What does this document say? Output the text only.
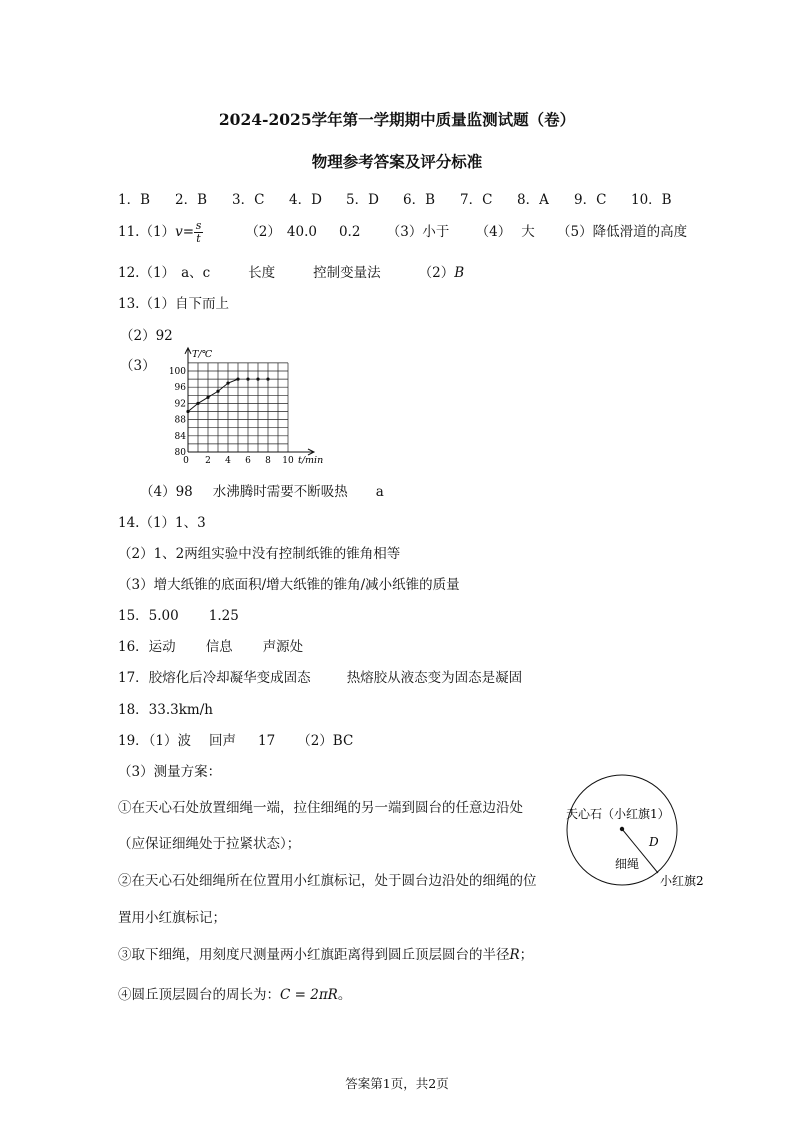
2024-2025学年第一学期期中质量监测试题（卷）
物理参考答案及评分标准
1．B 2．B 3．C 4．D 5．D 6．B 7．C 8．A 9．C 10．B
$11.(1)v= \frac{s}{t}$	（2） 40.0 0.2 （3）小于 （4） 大 （5）降低滑道的高度
12.（1） a、c	长度	控制变量法	（2）B
13.（1）自下而上
（2）92
（3）
80
84
88
92
96
100
0 2 4 6 8 10
T/℃
t/min
（4）98 水沸腾时需要不断吸热 a
14.（1）1、3
（2）1、2两组实验中没有控制纸锥的锥角相等
（3）增大纸锥的底面积/增大纸锥的锥角/减小纸锥的质量
15．5.00 1.25
16．运动 信息 声源处
17．胶熔化后冷却凝华变成固态	热熔胶从液态变为固态是凝固
18．33.3km/h
19．（1）波 回声 17 （2）BC
（3）测量方案：
①在天心石处放置细绳一端，拉住细绳的另一端到圆台的任意边沿处
（应保证细绳处于拉紧状态）；
②在天心石处细绳所在位置用小红旗标记，处于圆台边沿处的细绳的位
置用小红旗标记；
③取下细绳，用刻度尺测量两小红旗距离得到圆丘顶层圆台的半径R；
④圆丘顶层圆台的周长为：C = 2πR。
天心石（小红旗1）
D
细绳
小红旗2
答案第1页，共2页
